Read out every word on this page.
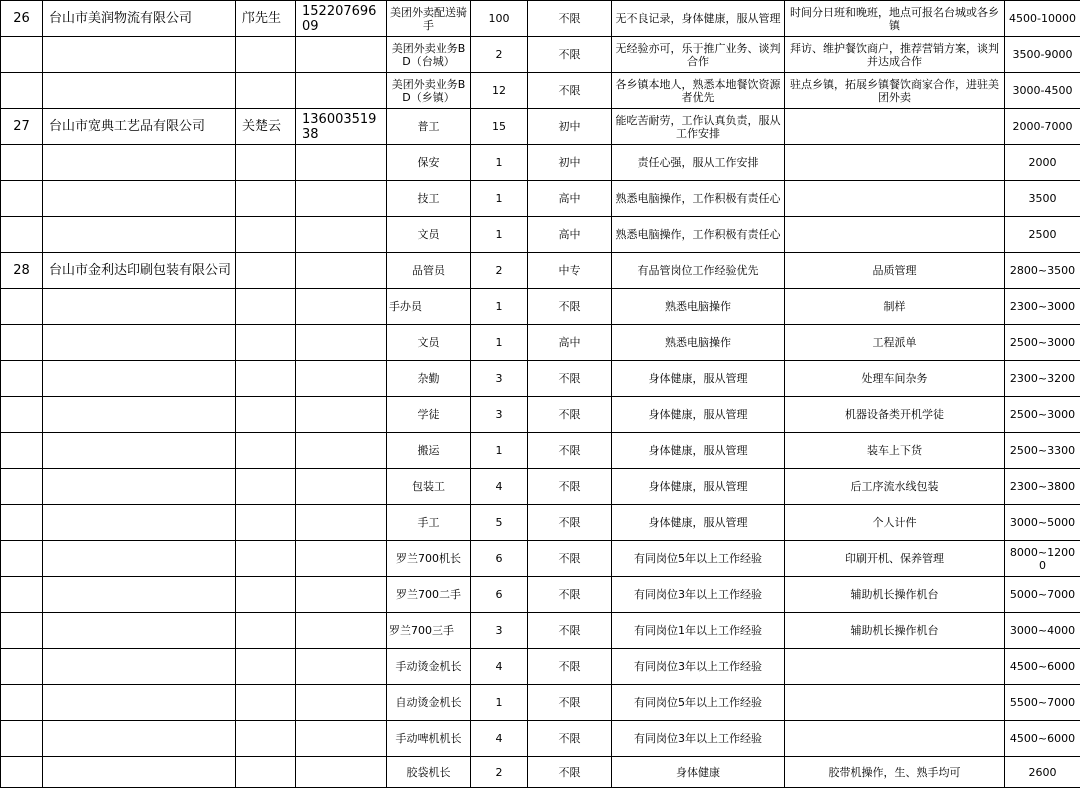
26	台山市美润物流有限公司	邝先生	15220769609	美团外卖配送骑手	100	不限	无不良记录，身体健康，服从管理	时间分日班和晚班，地点可报名台城或各乡镇	4500-10000
				美团外卖业务BD（台城）	2	不限	无经验亦可，乐于推广业务、谈判合作	拜访、维护餐饮商户，推荐营销方案，谈判并达成合作	3500-9000
				美团外卖业务BD（乡镇）	12	不限	各乡镇本地人，熟悉本地餐饮资源者优先	驻点乡镇，拓展乡镇餐饮商家合作，进驻美团外卖	3000-4500
27	台山市宽典工艺品有限公司	关楚云	13600351938	普工	15	初中	能吃苦耐劳，工作认真负责，服从工作安排		2000-7000
				保安	1	初中	责任心强，服从工作安排		2000
				技工	1	高中	熟悉电脑操作，工作积极有责任心		3500
				文员	1	高中	熟悉电脑操作，工作积极有责任心		2500
28	台山市金利达印刷包装有限公司			品管员	2	中专	有品管岗位工作经验优先	品质管理	2800~3500
				手办员	1	不限	熟悉电脑操作	制样	2300~3000
				文员	1	高中	熟悉电脑操作	工程派单	2500~3000
				杂勤	3	不限	身体健康，服从管理	处理车间杂务	2300~3200
				学徒	3	不限	身体健康，服从管理	机器设备类开机学徒	2500~3000
				搬运	1	不限	身体健康，服从管理	装车上下货	2500~3300
				包装工	4	不限	身体健康，服从管理	后工序流水线包装	2300~3800
				手工	5	不限	身体健康，服从管理	个人计件	3000~5000
				罗兰700机长	6	不限	有同岗位5年以上工作经验	印刷开机、保养管理	8000~12000
				罗兰700二手	6	不限	有同岗位3年以上工作经验	辅助机长操作机台	5000~7000
				罗兰700三手	3	不限	有同岗位1年以上工作经验	辅助机长操作机台	3000~4000
				手动烫金机长	4	不限	有同岗位3年以上工作经验		4500~6000
				自动烫金机长	1	不限	有同岗位5年以上工作经验		5500~7000
				手动啤机机长	4	不限	有同岗位3年以上工作经验		4500~6000
				胶袋机长	2	不限	身体健康	胶带机操作，生、熟手均可	2600
